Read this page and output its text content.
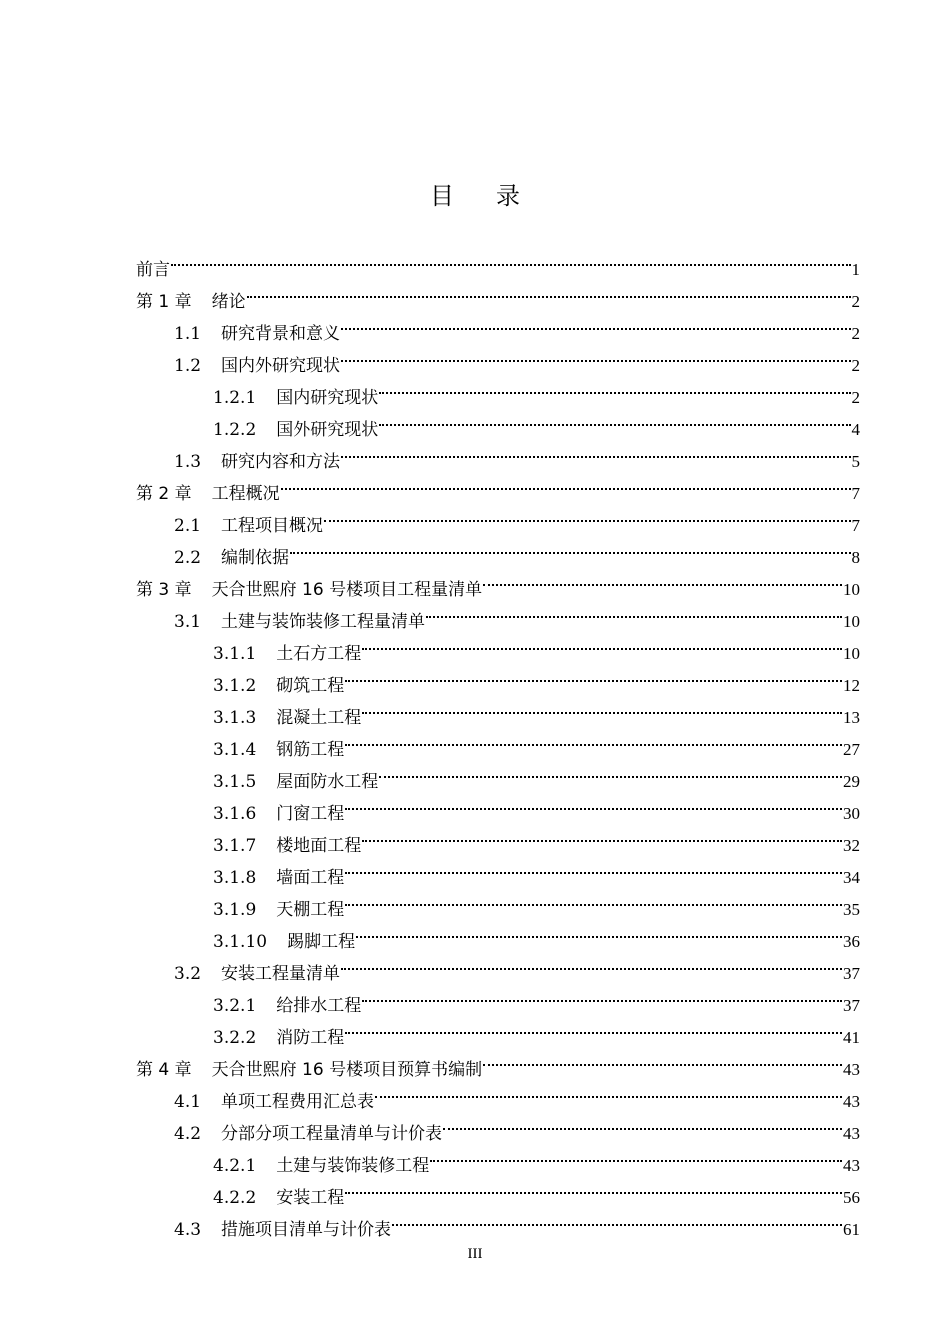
目 录
前言	1
第 1 章 绪论	2
1.1 研究背景和意义	2
1.2 国内外研究现状	2
1.2.1 国内研究现状	2
1.2.2 国外研究现状	4
1.3 研究内容和方法	5
第 2 章 工程概况	7
2.1 工程项目概况	7
2.2 编制依据	8
第 3 章 天合世熙府 16 号楼项目工程量清单	10
3.1 土建与装饰装修工程量清单	10
3.1.1 土石方工程	10
3.1.2 砌筑工程	12
3.1.3 混凝土工程	13
3.1.4 钢筋工程	27
3.1.5 屋面防水工程	29
3.1.6 门窗工程	30
3.1.7 楼地面工程	32
3.1.8 墙面工程	34
3.1.9 天棚工程	35
3.1.10 踢脚工程	36
3.2 安装工程量清单	37
3.2.1 给排水工程	37
3.2.2 消防工程	41
第 4 章 天合世熙府 16 号楼项目预算书编制	43
4.1 单项工程费用汇总表	43
4.2 分部分项工程量清单与计价表	43
4.2.1 土建与装饰装修工程	43
4.2.2 安装工程	56
4.3 措施项目清单与计价表	61
III
